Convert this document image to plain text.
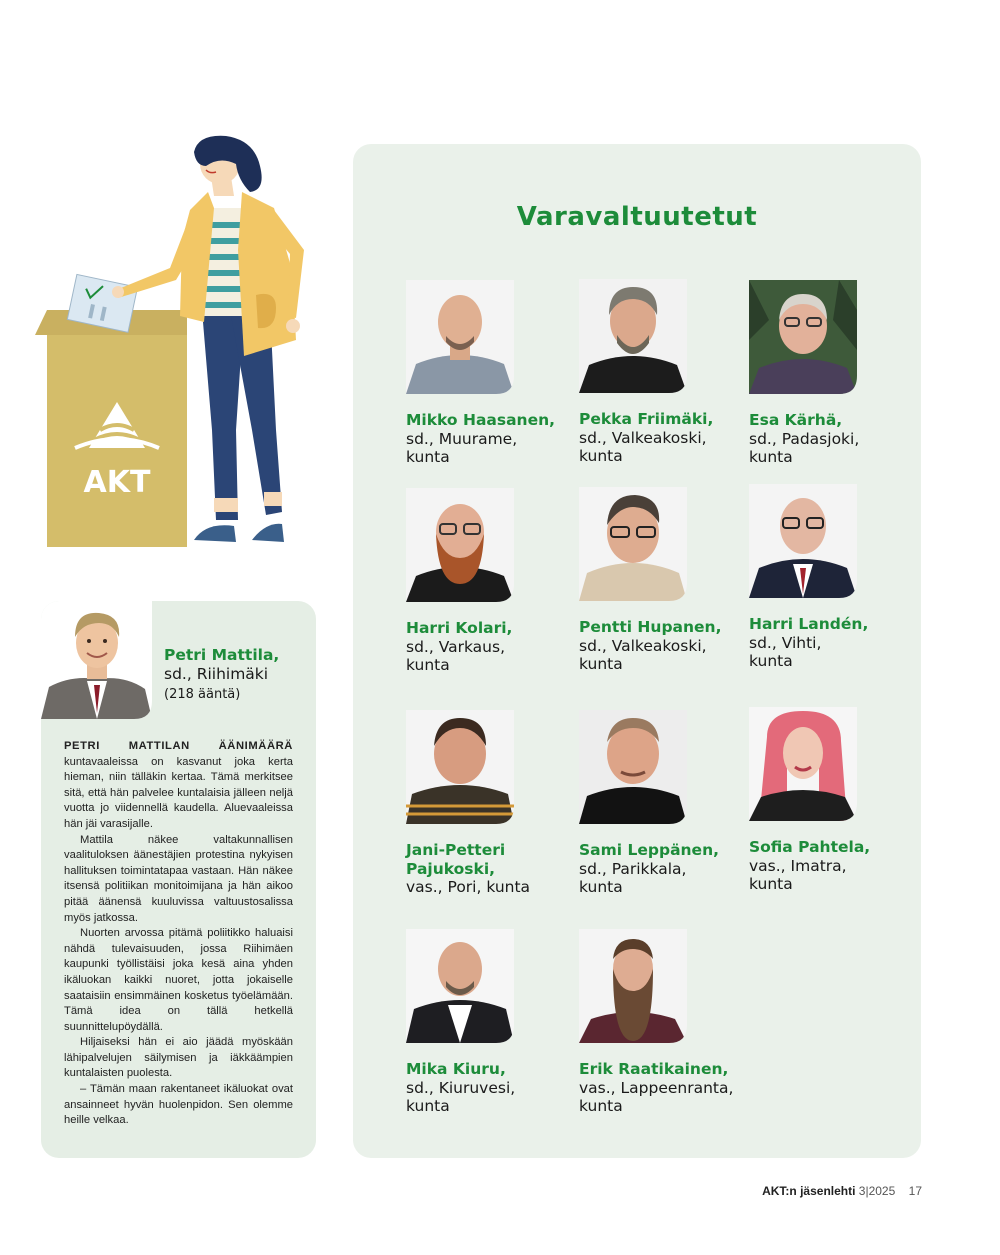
AKT
Petri Mattila,
sd., Riihimäki
(218 ääntä)

PETRI MATTILAN ÄÄNIMÄÄRÄ kuntavaaleissa on kasvanut joka kerta hieman, niin tälläkin kertaa. Tämä merkitsee sitä, että hän palvelee kuntalaisia jälleen neljä vuotta jo viidennellä kaudella. Aluevaaleissa hän jäi varasijalle.

Mattila näkee valtakunnallisen vaalituloksen äänestäjien protestina nykyisen hallituksen toimintatapaa vastaan. Hän näkee itsensä politiikan monitoimijana ja hän aikoo pitää äänensä kuuluvissa valtuustosalissa myös jatkossa.

Nuorten arvossa pitämä poliitikko haluaisi nähdä tulevaisuuden, jossa Riihimäen kaupunki työllistäisi joka kesä aina yhden ikäluokan kaikki nuoret, jotta jokaiselle saataisiin ensimmäinen kosketus työelämään. Tämä idea on tällä hetkellä suunnittelupöydällä.

Hiljaiseksi hän ei aio jäädä myöskään lähipalvelujen säilymisen ja iäkkäämpien kuntalaisten puolesta.

– Tämän maan rakentaneet ikäluokat ovat ansainneet hyvän huolenpidon. Sen olemme heille velkaa.

Varavaltuutetut
Mikko Haasanen,
sd., Muurame,
kunta
Pekka Friimäki,
sd., Valkeakoski,
kunta
Esa Kärhä,
sd., Padasjoki,
kunta
Harri Kolari,
sd., Varkaus,
kunta
Pentti Hupanen,
sd., Valkeakoski,
kunta
Harri Landén,
sd., Vihti,
kunta
Jani-Petteri
Pajukoski,
vas., Pori, kunta
Sami Leppänen,
sd., Parikkala,
kunta
Sofia Pahtela,
vas., Imatra,
kunta
Mika Kiuru,
sd., Kiuruvesi,
kunta
Erik Raatikainen,
vas., Lappeenranta,
kunta
AKT:n jäsenlehti 3|2025 17
